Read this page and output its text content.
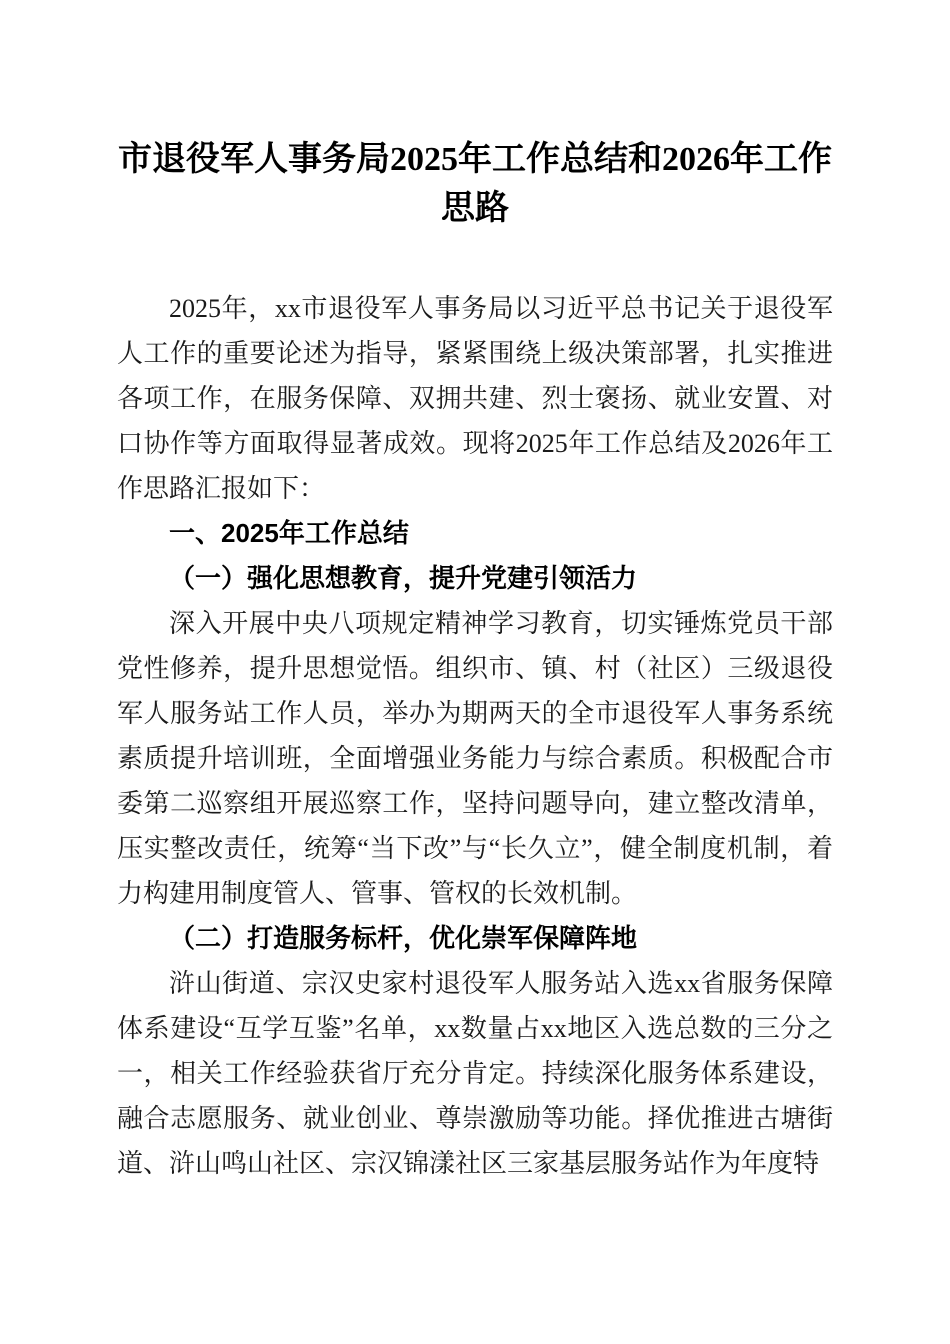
市退役军人事务局2025年工作总结和2026年工作思路

2025年，xx市退役军人事务局以习近平总书记关于退役军人工作的重要论述为指导，紧紧围绕上级决策部署，扎实推进各项工作，在服务保障、双拥共建、烈士褒扬、就业安置、对口协作等方面取得显著成效。现将2025年工作总结及2026年工作思路汇报如下：

一、2025年工作总结

（一）强化思想教育，提升党建引领活力

深入开展中央八项规定精神学习教育，切实锤炼党员干部党性修养，提升思想觉悟。组织市、镇、村（社区）三级退役军人服务站工作人员，举办为期两天的全市退役军人事务系统素质提升培训班，全面增强业务能力与综合素质。积极配合市委第二巡察组开展巡察工作，坚持问题导向，建立整改清单，压实整改责任，统筹“当下改”与“长久立”，健全制度机制，着力构建用制度管人、管事、管权的长效机制。

（二）打造服务标杆，优化崇军保障阵地

浒山街道、宗汉史家村退役军人服务站入选xx省服务保障体系建设“互学互鉴”名单，xx数量占xx地区入选总数的三分之一，相关工作经验获省厅充分肯定。持续深化服务体系建设，融合志愿服务、就业创业、尊崇激励等功能。择优推进古塘街道、浒山鸣山社区、宗汉锦漾社区三家基层服务站作为年度特
